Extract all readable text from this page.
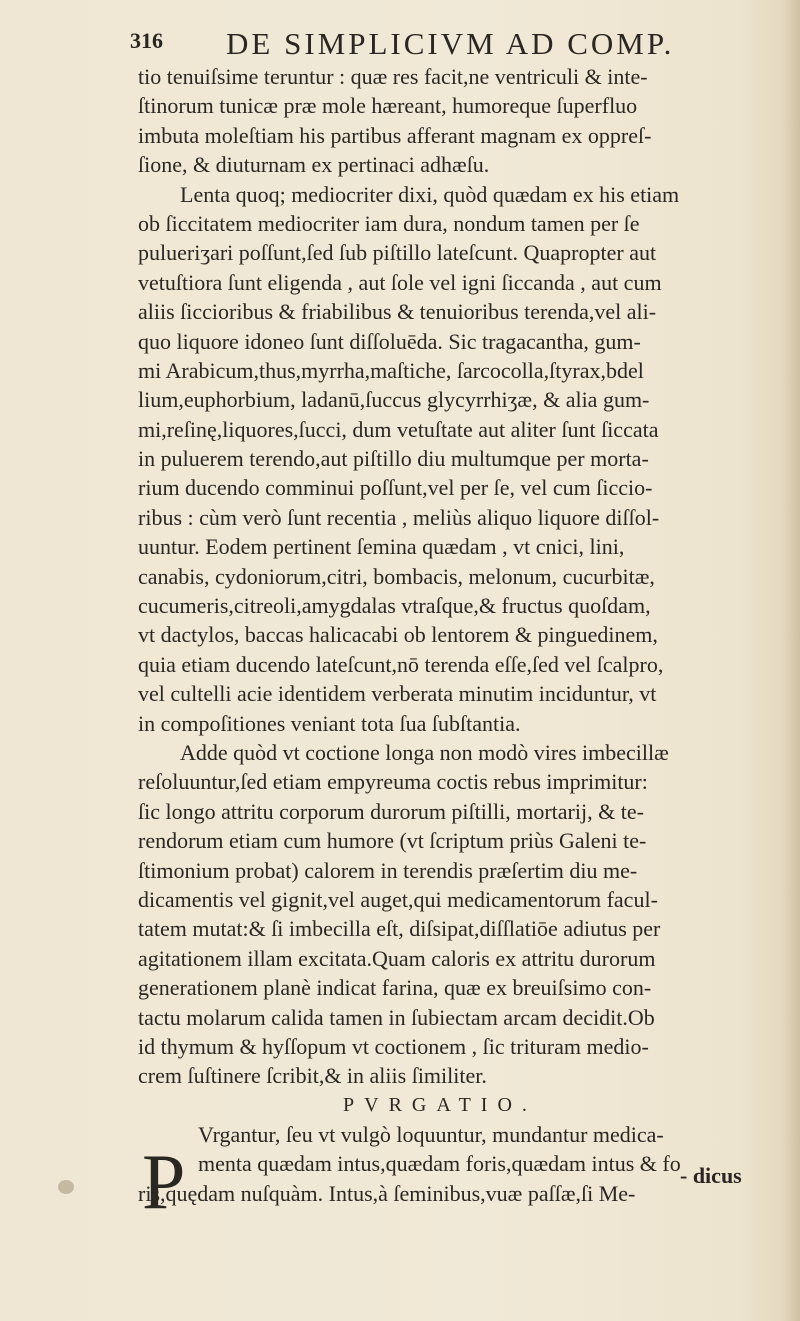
316 DE SIMPLICIVM AD COMP.
tio tenuiſsime teruntur : quæ res facit,ne ventriculi & inte-
ſtinorum tunicæ præ mole hæreant, humoreque ſuperfluo
imbuta moleſtiam his partibus afferant magnam ex oppreſ-
ſione, & diuturnam ex pertinaci adhæſu.
Lenta quoq; mediocriter dixi, quòd quædam ex his etiam
ob ſiccitatem mediocriter iam dura, nondum tamen per ſe
pulueriʒari poſſunt,ſed ſub piſtillo lateſcunt. Quapropter aut
vetuſtiora ſunt eligenda , aut ſole vel igni ſiccanda , aut cum
aliis ſiccioribus & friabilibus & tenuioribus terenda,vel ali-
quo liquore idoneo ſunt diſſoluēda. Sic tragacantha, gum-
mi Arabicum,thus,myrrha,maſtiche, ſarcocolla,ſtyrax,bdel
lium,euphorbium, ladanū,ſuccus glycyrrhiʒæ, & alia gum-
mi,reſinę,liquores,ſucci, dum vetuſtate aut aliter ſunt ſiccata
in puluerem terendo,aut piſtillo diu multumque per morta-
rium ducendo comminui poſſunt,vel per ſe, vel cum ſiccio-
ribus : cùm verò ſunt recentia , meliùs aliquo liquore diſſol-
uuntur. Eodem pertinent ſemina quædam , vt cnici, lini,
canabis, cydoniorum,citri, bombacis, melonum, cucurbitæ,
cucumeris,citreoli,amygdalas vtraſque,& fructus quoſdam,
vt dactylos, baccas halicacabi ob lentorem & pinguedinem,
quia etiam ducendo lateſcunt,nō terenda eſſe,ſed vel ſcalpro,
vel cultelli acie identidem verberata minutim inciduntur, vt
in compoſitiones veniant tota ſua ſubſtantia.
Adde quòd vt coctione longa non modò vires imbecillæ
reſoluuntur,ſed etiam empyreuma coctis rebus imprimitur:
ſic longo attritu corporum durorum piſtilli, mortarij, & te-
rendorum etiam cum humore (vt ſcriptum priùs Galeni te-
ſtimonium probat) calorem in terendis præſertim diu me-
dicamentis vel gignit,vel auget,qui medicamentorum facul-
tatem mutat:& ſi imbecilla eſt, diſsipat,diſſlatiōe adiutus per
agitationem illam excitata.Quam caloris ex attritu durorum
generationem planè indicat farina, quæ ex breuiſsimo con-
tactu molarum calida tamen in ſubiectam arcam decidit.Ob
id thymum & hyſſopum vt coctionem , ſic trituram medio-
crem ſuſtinere ſcribit,& in aliis ſimiliter.
PVRGATIO.
Vrgantur, ſeu vt vulgò loquuntur, mundantur medica-
menta quædam intus,quædam foris,quædam intus & fo
ris,quędam nuſquàm. Intus,à ſeminibus,vuæ paſſæ,ſi Me-
P	- dicus
